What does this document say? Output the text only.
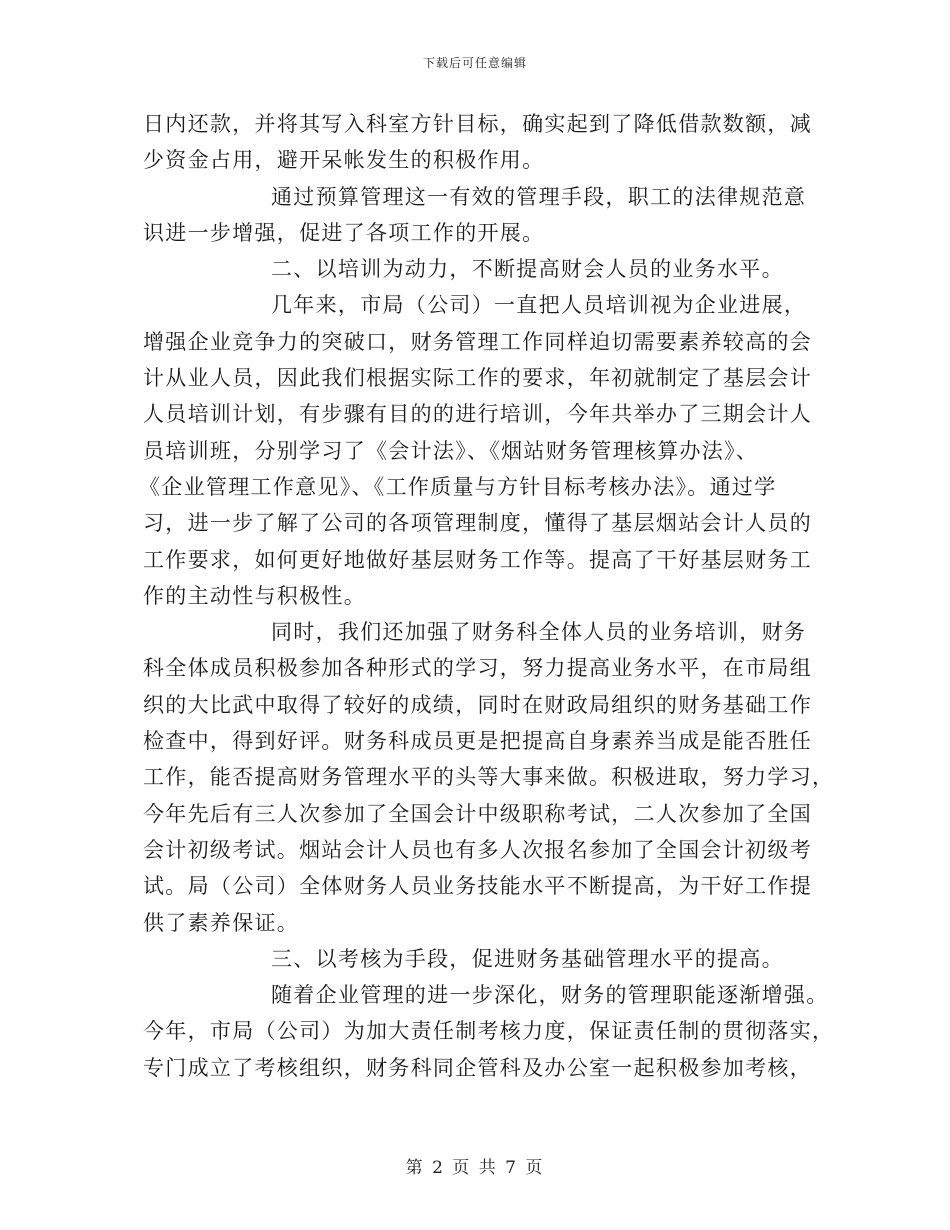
下载后可任意编辑
日内还款，并将其写入科室方针目标，确实起到了降低借款数额，减
少资金占用，避开呆帐发生的积极作用。
通过预算管理这一有效的管理手段，职工的法律规范意
识进一步增强，促进了各项工作的开展。
二、以培训为动力，不断提高财会人员的业务水平。
几年来，市局（公司）一直把人员培训视为企业进展，
增强企业竞争力的突破口，财务管理工作同样迫切需要素养较高的会
计从业人员，因此我们根据实际工作的要求，年初就制定了基层会计
人员培训计划，有步骤有目的的进行培训，今年共举办了三期会计人
员培训班，分别学习了《会计法》、《烟站财务管理核算办法》、
《企业管理工作意见》、《工作质量与方针目标考核办法》。通过学
习，进一步了解了公司的各项管理制度，懂得了基层烟站会计人员的
工作要求，如何更好地做好基层财务工作等。提高了干好基层财务工
作的主动性与积极性。
同时，我们还加强了财务科全体人员的业务培训，财务
科全体成员积极参加各种形式的学习，努力提高业务水平，在市局组
织的大比武中取得了较好的成绩，同时在财政局组织的财务基础工作
检查中，得到好评。财务科成员更是把提高自身素养当成是能否胜任
工作，能否提高财务管理水平的头等大事来做。积极进取，努力学习，
今年先后有三人次参加了全国会计中级职称考试，二人次参加了全国
会计初级考试。烟站会计人员也有多人次报名参加了全国会计初级考
试。局（公司）全体财务人员业务技能水平不断提高，为干好工作提
供了素养保证。
三、以考核为手段，促进财务基础管理水平的提高。
随着企业管理的进一步深化，财务的管理职能逐渐增强。
今年，市局（公司）为加大责任制考核力度，保证责任制的贯彻落实，
专门成立了考核组织，财务科同企管科及办公室一起积极参加考核，
第 2 页 共 7 页
